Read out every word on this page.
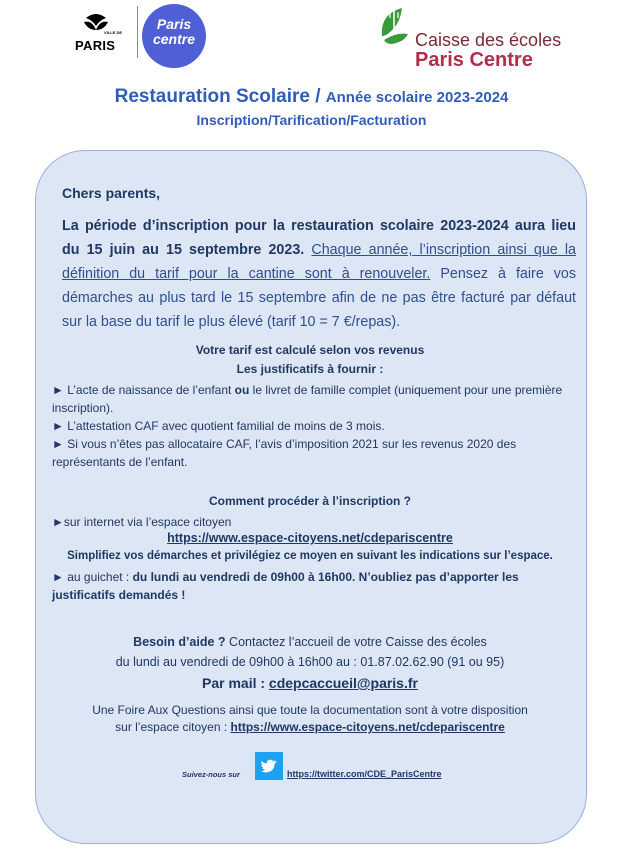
VILLE DE
PARIS
Paris
centre	Caisse des écoles
Paris Centre
Restauration Scolaire / Année scolaire 2023-2024
Inscription/Tarification/Facturation
Chers parents,
La période d’inscription pour la restauration scolaire 2023-2024 aura lieu du 15 juin au 15 septembre 2023. Chaque année, l’inscription ainsi que la définition du tarif pour la cantine sont à renouveler. Pensez à faire vos démarches au plus tard le 15 septembre afin de ne pas être facturé par défaut sur la base du tarif le plus élevé (tarif 10 = 7 €/repas).
Votre tarif est calculé selon vos revenus
Les justificatifs à fournir :
► L’acte de naissance de l’enfant ou le livret de famille complet (uniquement pour une première inscription).
► L’attestation CAF avec quotient familial de moins de 3 mois.
► Si vous n’êtes pas allocataire CAF, l’avis d’imposition 2021 sur les revenus 2020 des représentants de l’enfant.
Comment procéder à l’inscription ?
►sur internet via l’espace citoyen
https://www.espace-citoyens.net/cdepariscentre
Simplifiez vos démarches et privilégiez ce moyen en suivant les indications sur l’espace.
► au guichet : du lundi au vendredi de 09h00 à 16h00. N’oubliez pas d’apporter les justificatifs demandés !
Besoin d’aide ? Contactez l’accueil de votre Caisse des écoles
du lundi au vendredi de 09h00 à 16h00 au : 01.87.02.62.90 (91 ou 95)
Par mail : cdepcaccueil@paris.fr
Une Foire Aux Questions ainsi que toute la documentation sont à votre disposition
sur l’espace citoyen : https://www.espace-citoyens.net/cdepariscentre
Suivez-nous sur	https://twitter.com/CDE_ParisCentre
